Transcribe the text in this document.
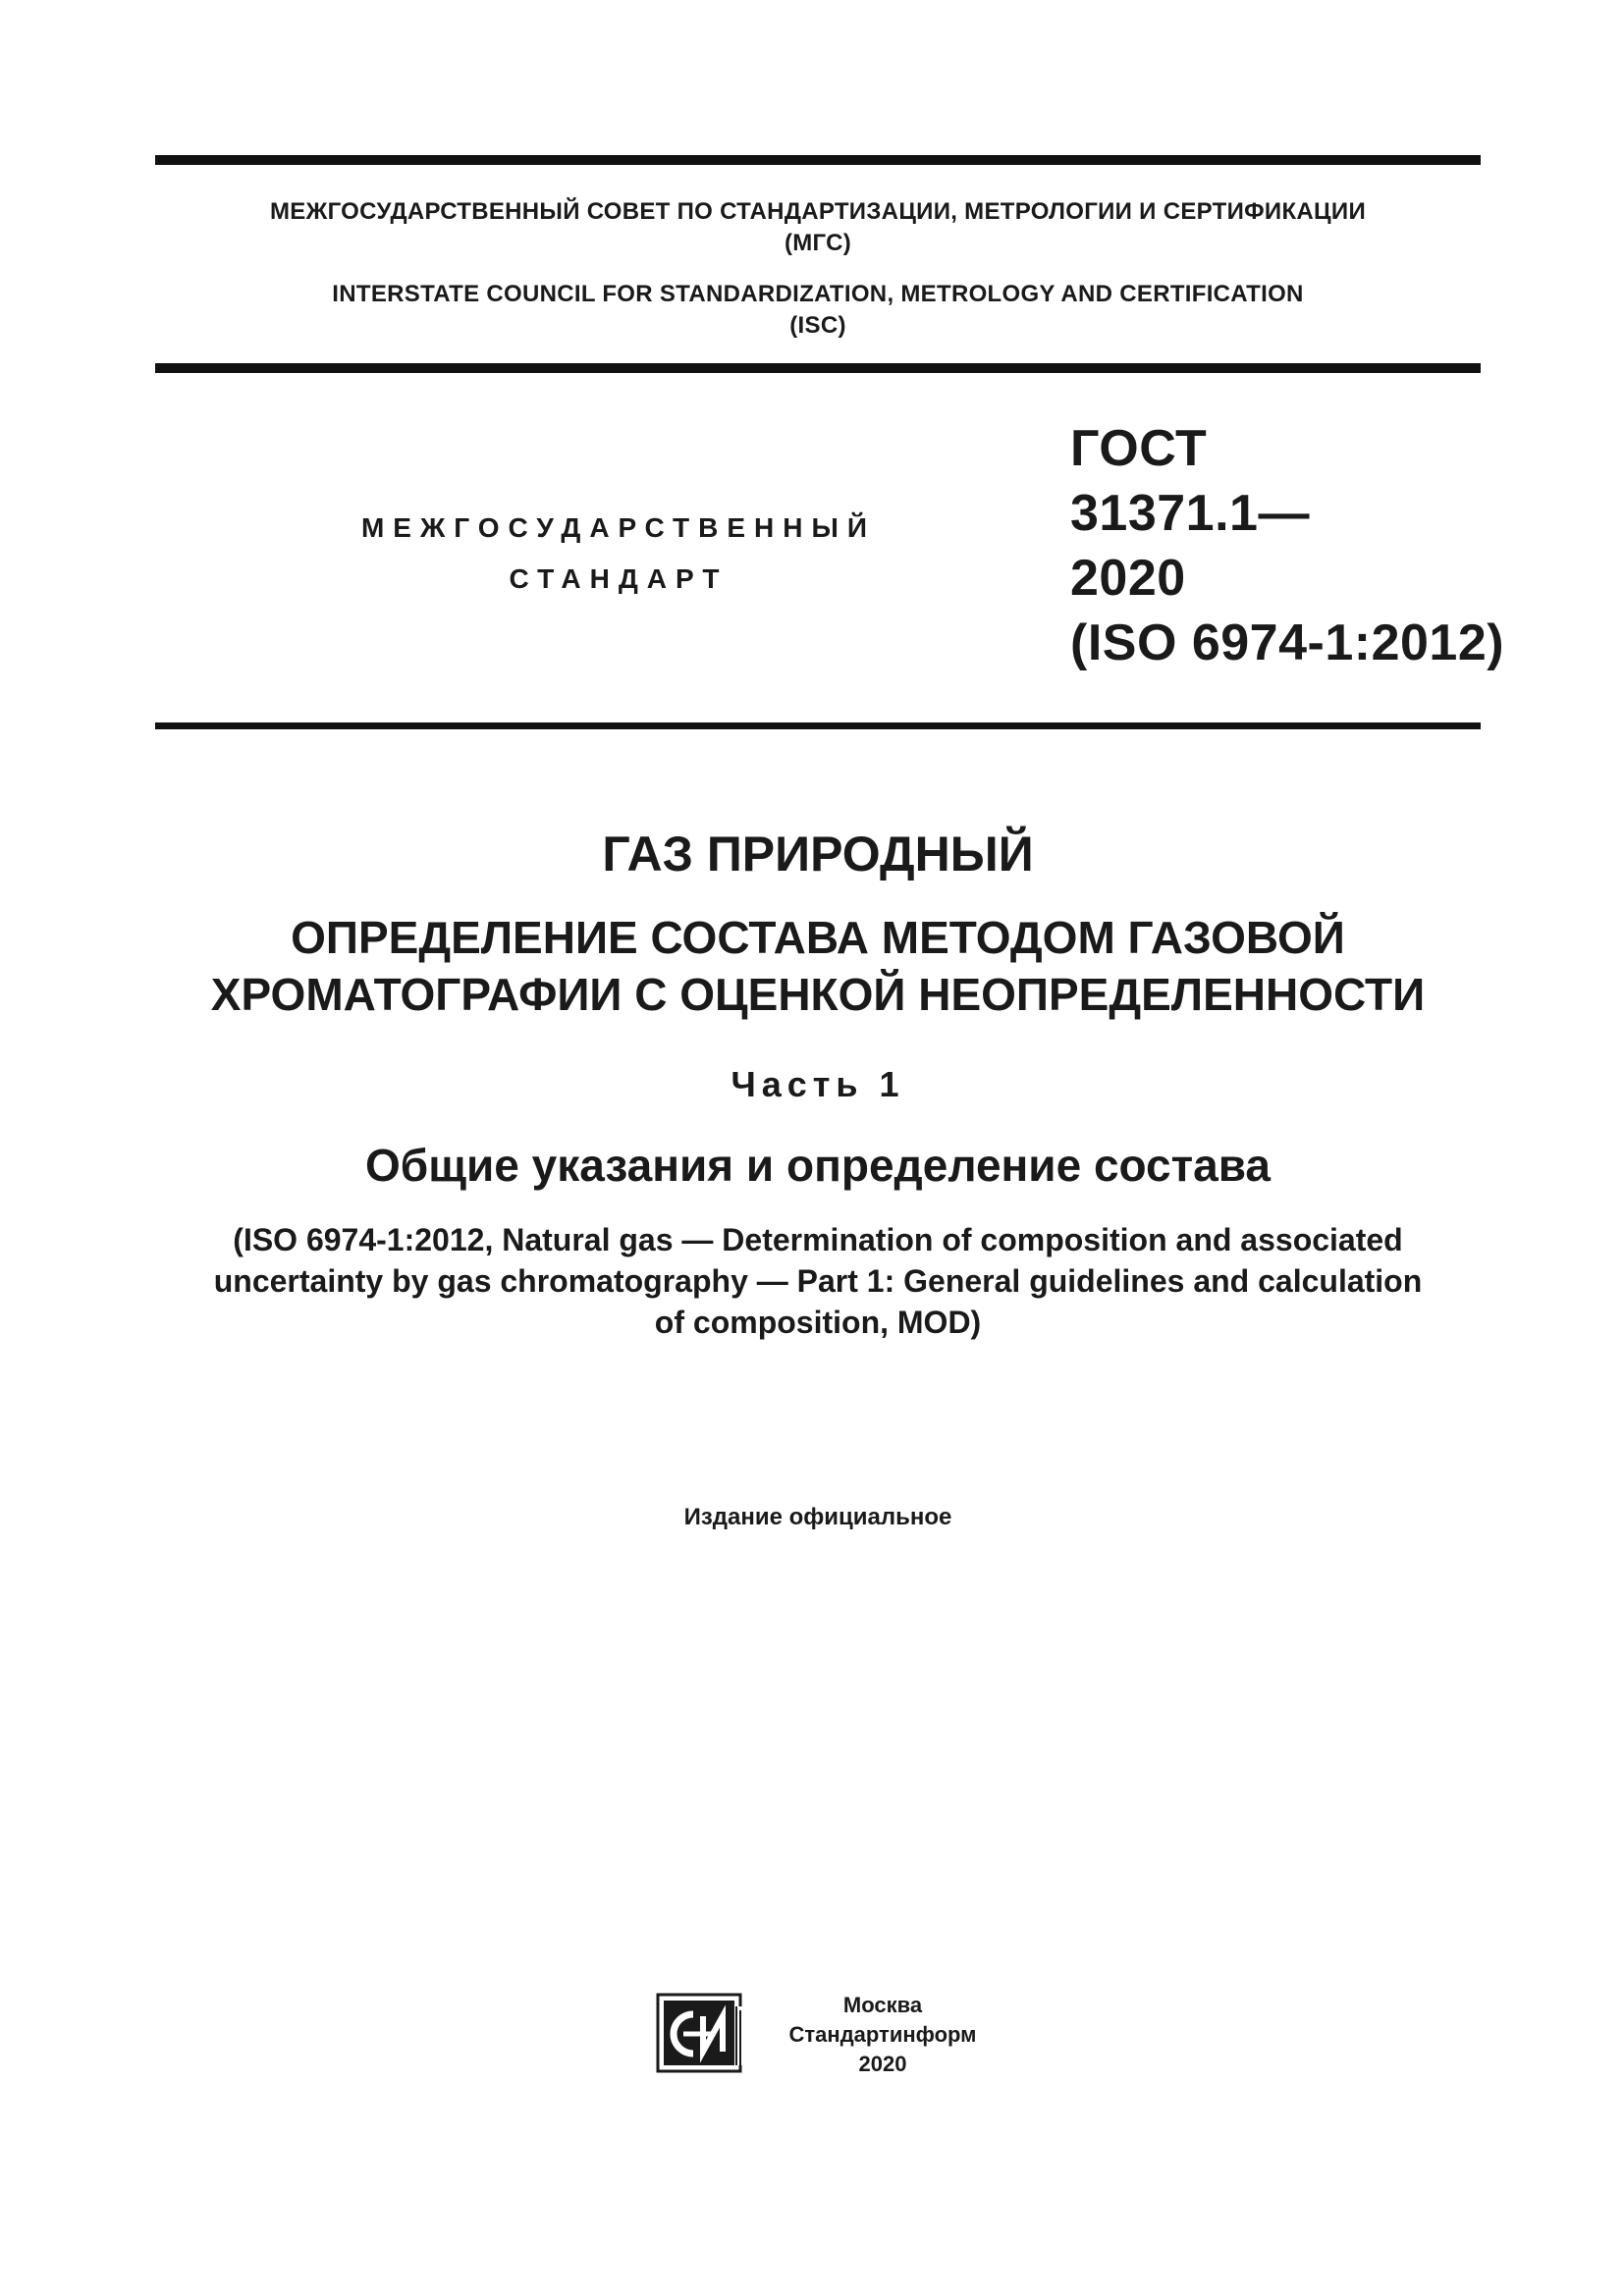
МЕЖГОСУДАРСТВЕННЫЙ СОВЕТ ПО СТАНДАРТИЗАЦИИ, МЕТРОЛОГИИ И СЕРТИФИКАЦИИ
(МГС)
INTERSTATE COUNCIL FOR STANDARDIZATION, METROLOGY AND CERTIFICATION
(ISC)
МЕЖГОСУДАРСТВЕННЫЙ
СТАНДАРТ
ГОСТ
31371.1—
2020
(ISO 6974-1:2012)
ГАЗ ПРИРОДНЫЙ
ОПРЕДЕЛЕНИЕ СОСТАВА МЕТОДОМ ГАЗОВОЙ
ХРОМАТОГРАФИИ С ОЦЕНКОЙ НЕОПРЕДЕЛЕННОСТИ
Часть 1
Общие указания и определение состава
(ISO 6974-1:2012, Natural gas — Determination of composition and associated
uncertainty by gas chromatography — Part 1: General guidelines and calculation
of composition, MOD)
Издание официальное
Москва
Стандартинформ
2020
